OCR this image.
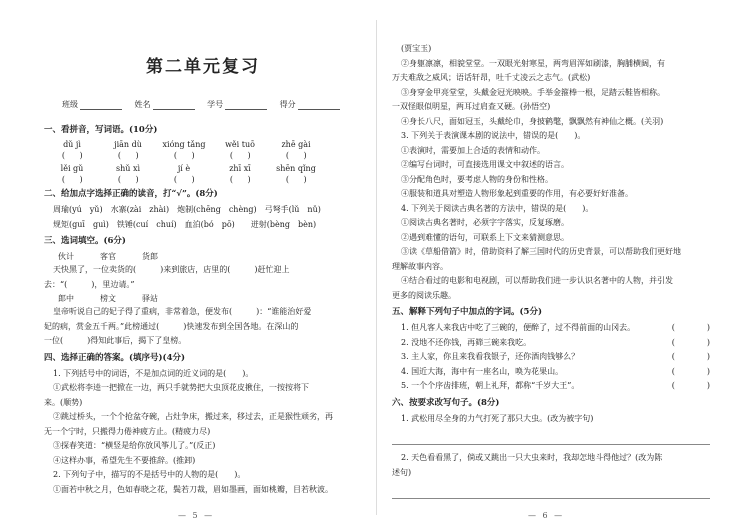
第二单元复习
班级	姓名	学号	得分
一、看拼音，写词语。(10分)
dǔ jì	jiān dù	xióng tǎng	wěi tuō	zhē gài
(　　)	(　　)	(　　)	(　　)	(　　)
lěi gǔ	shǔ xì	jí è	zhī xī	shēn qǐng
(　　)	(　　)	(　　)	(　　)	(　　)
二、给加点字选择正确的读音，打“√”。(8分)

周瑜(yú　yǔ)　水寨(zài　zhài)　炮制(chēng　chèng)　弓弩手(lǔ　nǔ)

规矩(guī　guì)　铁锤(cuí　chuí)　血泊(bó　pō)　　迸射(bèng　bèn)

三、选词填空。(6分)
伙计	客官	货郎

天快黑了，一位卖货的(　　　)来到旅店，店里的(　　　)赶忙迎上

去：“(　　　)，里边请。”

郎中	榜文	驿站

皇帝听说自己的妃子得了重病，非常着急，便发布(　　　)：“谁能治好爱

妃的病，赏金五千两。”此榜通过(　　　)快速发布到全国各地。在深山的

一位(　　　)得知此事后，揭下了皇榜。

四、选择正确的答案。(填序号)(4分)

1. 下列括号中的词语，不是加点词的近义词的是(　　)。

①武松将李逵一把掀在一边，两只手就势把大虫顶花皮揪住，一按按将下

来。(顺势)

②跳过桥头，一个个抢盆夺碗，占灶争床，搬过来，移过去，正是猴性顽劣，再

无一个宁时，只搬得力倦神疲方止。(精疲力尽)

③探春笑道：“横竖是给你放风筝儿了。”(反正)

④这样办事，希望先生不要推辞。(推卸)

2. 下列句子中，描写的不是括号中的人物的是(　　)。

①面若中秋之月，色如春晓之花，鬓若刀裁，眉如墨画，面如桃瓣，目若秋波。

— 5 —

(贾宝玉)

②身躯凛凛，相貌堂堂。一双眼光射寒星，两弯眉浑如刷漆，胸脯横阔，有

万夫难敌之威风；语话轩昂，吐千丈凌云之志气。(武松)

③身穿金甲亮堂堂，头戴金冠光映映。手举金箍棒一根，足踏云鞋皆相称。

一双怪眼似明星，两耳过肩查又硬。(孙悟空)

④身长八尺，面如冠玉，头戴纶巾，身披鹤氅，飘飘然有神仙之概。(关羽)

3. 下列关于表演课本剧的说法中，错误的是(　　)。

①表演时，需要加上合适的表情和动作。

②编写台词时，可直接选用课文中叙述的语言。

③分配角色时，要考虑人物的身份和性格。

④服装和道具对塑造人物形象起到重要的作用，有必要好好准备。

4. 下列关于阅读古典名著的方法中，错误的是(　　)。

①阅读古典名著时，必须字字落实，反复琢磨。

②遇到难懂的语句，可联系上下文来猜测意思。

③读《草船借箭》时，借助资料了解三国时代的历史背景，可以帮助我们更好地

理解故事内容。

④结合看过的电影和电视剧，可以帮助我们进一步认识名著中的人物，并引发

更多的阅读乐趣。

五、解释下列句子中加点的字词。(5分)
1. 但凡客人来我店中吃了三碗的，便醉了，过不得前面的山冈去。	(　　　　)
2. 没地不还你钱，再筛三碗来我吃。	(　　　　)
3. 主人家，你且来我看我银子，还你酒肉钱够么？	(　　　　)
4. 国近大海，海中有一座名山，唤为花果山。	(　　　　)
5. 一个个序齿排班，朝上礼拜，都称“千岁大王”。	(　　　　)
六、按要求改写句子。(8分)

1. 武松用尽全身的力气打死了那只大虫。(改为被字句)

2. 天色看看黑了，倘或又跳出一只大虫来时，我却怎地斗得他过？(改为陈

述句)

— 6 —
